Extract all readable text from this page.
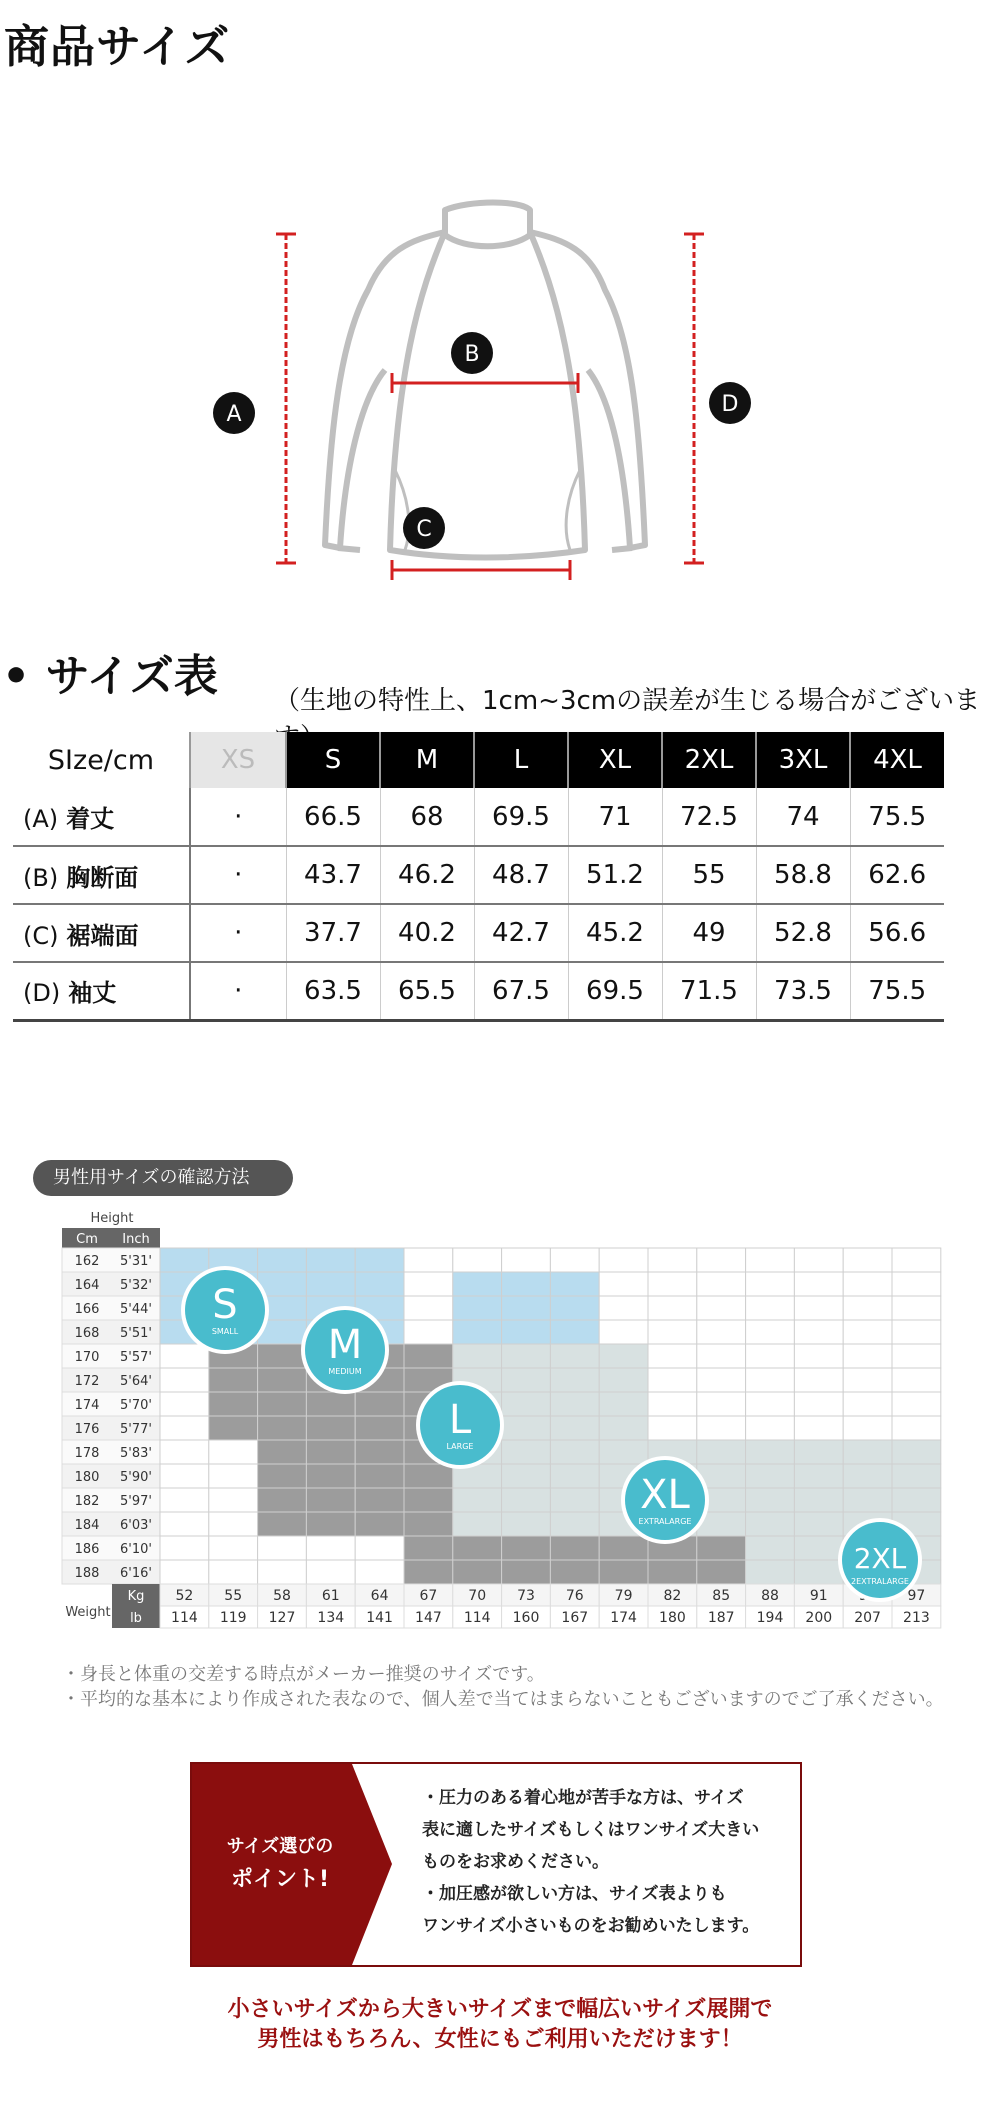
商品サイズ
A
B
C
D
• サイズ表 （生地の特性上、1cm~3cmの誤差が生じる場合がございま
SIze/cm	XS	S	M	L	XL	2XL	3XL	4XL
(A) 着丈	·	66.5	68	69.5	71	72.5	74	75.5
(B) 胸断面	·	43.7	46.2	48.7	51.2	55	58.8	62.6
(C) 裾端面	·	37.7	40.2	42.7	45.2	49	52.8	56.6
(D) 袖丈	·	63.5	65.5	67.5	69.5	71.5	73.5	75.5
男性用サイズの確認方法
Height
Cm Inch
162 5'31'
164 5'32'
166 5'44'
168 5'51'
170 5'57'
172 5'64'
174 5'70'
176 5'77'
178 5'83'
180 5'90'
182 5'97'
184 6'03'
186 6'10'
188 6'16'
Weight
Kg
lb
52
114
55
119
58
127
61
134
64
141
67
147
70
114
73
160
76
167
79
174
82
180
85
187
88
194
91
200 207
97
213
S
SMALL M
MEDIUM
L
LARGE
XL
EXTRALARGE
2XL
2EXTRALARGE
・身長と体重の交差する時点がメーカー推奨のサイズです。
・平均的な基本により作成された表なので、個人差で当てはまらないこともございますのでご了承ください。
サイズ選びの
ポイント!
・圧力のある着心地が苦手な方は、サイズ
表に適したサイズもしくはワンサイズ大きい
ものをお求めください。
・加圧感が欲しい方は、サイズ表よりも
ワンサイズ小さいものをお勧めいたします。
小さいサイズから大きいサイズまで幅広いサイズ展開で
男性はもちろん、女性にもご利用いただけます！
